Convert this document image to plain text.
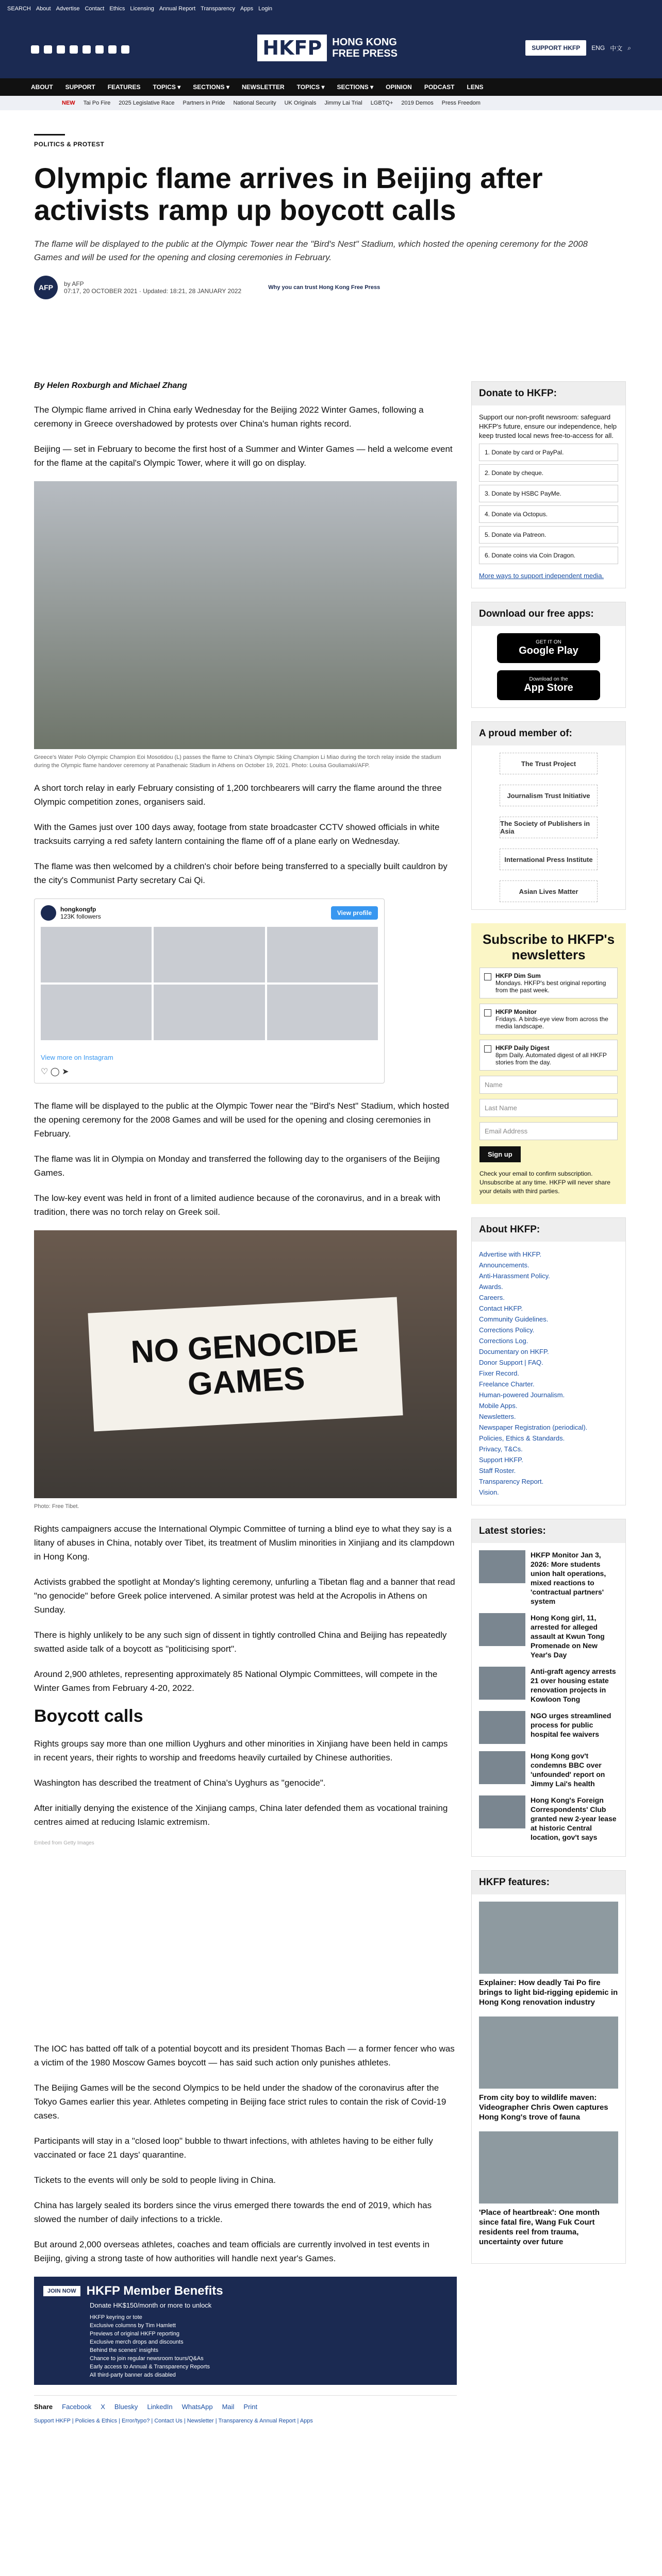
SEARCH About Advertise Contact Ethics Licensing Annual Report Transparency Apps Login
HKFP	HONG KONG
FREE PRESS	SUPPORT HKFP	ENG 中文 ⌕
ABOUT SUPPORT FEATURES TOPICS ▾ SECTIONS ▾ NEWSLETTER TOPICS ▾ SECTIONS ▾ OPINION PODCAST LENS
NEW Tai Po Fire 2025 Legislative Race Partners in Pride National Security UK Originals Jimmy Lai Trial LGBTQ+ 2019 Demos Press Freedom
POLITICS & PROTEST
Olympic flame arrives in Beijing after activists ramp up boycott calls
The flame will be displayed to the public at the Olympic Tower near the "Bird's Nest" Stadium, which hosted the opening ceremony for the 2008 Games and will be used for the opening and closing ceremonies in February.
AFP	by AFP
07:17, 20 OCTOBER 2021 · Updated: 18:21, 28 JANUARY 2022	Why you can trust Hong Kong Free Press
By Helen Roxburgh and Michael Zhang

The Olympic flame arrived in China early Wednesday for the Beijing 2022 Winter Games, following a ceremony in Greece overshadowed by protests over China's human rights record.

Beijing — set in February to become the first host of a Summer and Winter Games — held a welcome event for the flame at the capital's Olympic Tower, where it will go on display.

Greece's Water Polo Olympic Champion Eoi Mosotidou (L) passes the flame to China's Olympic Skiing Champion Li Miao during the torch relay inside the stadium during the Olympic flame handover ceremony at Panathenaic Stadium in Athens on October 19, 2021. Photo: Louisa Gouliamaki/AFP.

A short torch relay in early February consisting of 1,200 torchbearers will carry the flame around the three Olympic competition zones, organisers said.

With the Games just over 100 days away, footage from state broadcaster CCTV showed officials in white tracksuits carrying a red safety lantern containing the flame off of a plane early on Wednesday.

The flame was then welcomed by a children's choir before being transferred to a specially built cauldron by the city's Communist Party secretary Cai Qi.

hongkongfp
123K followers	View profile
View more on Instagram
♡ ◯ ➤

The flame will be displayed to the public at the Olympic Tower near the "Bird's Nest" Stadium, which hosted the opening ceremony for the 2008 Games and will be used for the opening and closing ceremonies in February.

The flame was lit in Olympia on Monday and transferred the following day to the organisers of the Beijing Games.

The low-key event was held in front of a limited audience because of the coronavirus, and in a break with tradition, there was no torch relay on Greek soil.

NO GENOCIDE GAMES
Photo: Free Tibet.

Rights campaigners accuse the International Olympic Committee of turning a blind eye to what they say is a litany of abuses in China, notably over Tibet, its treatment of Muslim minorities in Xinjiang and its clampdown in Hong Kong.

Activists grabbed the spotlight at Monday's lighting ceremony, unfurling a Tibetan flag and a banner that read "no genocide" before Greek police intervened. A similar protest was held at the Acropolis in Athens on Sunday.

There is highly unlikely to be any such sign of dissent in tightly controlled China and Beijing has repeatedly swatted aside talk of a boycott as "politicising sport".

Around 2,900 athletes, representing approximately 85 National Olympic Committees, will compete in the Winter Games from February 4-20, 2022.

Boycott calls

Rights groups say more than one million Uyghurs and other minorities in Xinjiang have been held in camps in recent years, their rights to worship and freedoms heavily curtailed by Chinese authorities.

Washington has described the treatment of China's Uyghurs as "genocide".

After initially denying the existence of the Xinjiang camps, China later defended them as vocational training centres aimed at reducing Islamic extremism.

Embed from Getty Images

The IOC has batted off talk of a potential boycott and its president Thomas Bach — a former fencer who was a victim of the 1980 Moscow Games boycott — has said such action only punishes athletes.

The Beijing Games will be the second Olympics to be held under the shadow of the coronavirus after the Tokyo Games earlier this year. Athletes competing in Beijing face strict rules to contain the risk of Covid-19 cases.

Participants will stay in a "closed loop" bubble to thwart infections, with athletes having to be either fully vaccinated or face 21 days' quarantine.

Tickets to the events will only be sold to people living in China.

China has largely sealed its borders since the virus emerged there towards the end of 2019, which has slowed the number of daily infections to a trickle.

But around 2,000 overseas athletes, coaches and team officials are currently involved in test events in Beijing, giving a strong taste of how authorities will handle next year's Games.

JOIN NOW HKFP Member Benefits
Donate HK$150/month or more to unlock
HKFP keyring or tote
Exclusive columns by Tim Hamlett
Previews of original HKFP reporting
Exclusive merch drops and discounts
Behind the scenes' insights
Chance to join regular newsroom tours/Q&As
Early access to Annual & Transparency Reports
All third-party banner ads disabled
Share Facebook X Bluesky LinkedIn WhatsApp Mail Print
Support HKFP | Policies & Ethics | Error/typo? | Contact Us | Newsletter | Transparency & Annual Report | Apps
Donate to HKFP:
Support our non-profit newsroom: safeguard HKFP's future, ensure our independence, help keep trusted local news free-to-access for all.
1. Donate by card or PayPal.
2. Donate by cheque.
3. Donate by HSBC PayMe.
4. Donate via Octopus.
5. Donate via Patreon.
6. Donate coins via Coin Dragon.
More ways to support independent media.
Download our free apps:
GET IT ON
Google Play
Download on the
App Store
A proud member of:
The Trust Project
Journalism Trust Initiative
The Society of Publishers in Asia
International Press Institute
Asian Lives Matter
Subscribe to HKFP's newsletters
HKFP Dim Sum
Mondays. HKFP's best original reporting from the past week.
HKFP Monitor
Fridays. A birds-eye view from across the media landscape.
HKFP Daily Digest
8pm Daily. Automated digest of all HKFP stories from the day.
Name
Last Name
Email Address
Sign up
Check your email to confirm subscription. Unsubscribe at any time. HKFP will never share your details with third parties.
About HKFP:
Advertise with HKFP.
Announcements.
Anti-Harassment Policy.
Awards.
Careers.
Contact HKFP.
Community Guidelines.
Corrections Policy.
Corrections Log.
Documentary on HKFP.
Donor Support | FAQ.
Fixer Record.
Freelance Charter.
Human-powered Journalism.
Mobile Apps.
Newsletters.
Newspaper Registration (periodical).
Policies, Ethics & Standards.
Privacy, T&Cs.
Support HKFP.
Staff Roster.
Transparency Report.
Vision.
Latest stories:
HKFP Monitor Jan 3, 2026: More students union halt operations, mixed reactions to 'contractual partners' system
Hong Kong girl, 11, arrested for alleged assault at Kwun Tong Promenade on New Year's Day
Anti-graft agency arrests 21 over housing estate renovation projects in Kowloon Tong
NGO urges streamlined process for public hospital fee waivers
Hong Kong gov't condemns BBC over 'unfounded' report on Jimmy Lai's health
Hong Kong's Foreign Correspondents' Club granted new 2-year lease at historic Central location, gov't says
HKFP features:
Explainer: How deadly Tai Po fire brings to light bid-rigging epidemic in Hong Kong renovation industry
From city boy to wildlife maven: Videographer Chris Owen captures Hong Kong's trove of fauna
'Place of heartbreak': One month since fatal fire, Wang Fuk Court residents reel from trauma, uncertainty over future
